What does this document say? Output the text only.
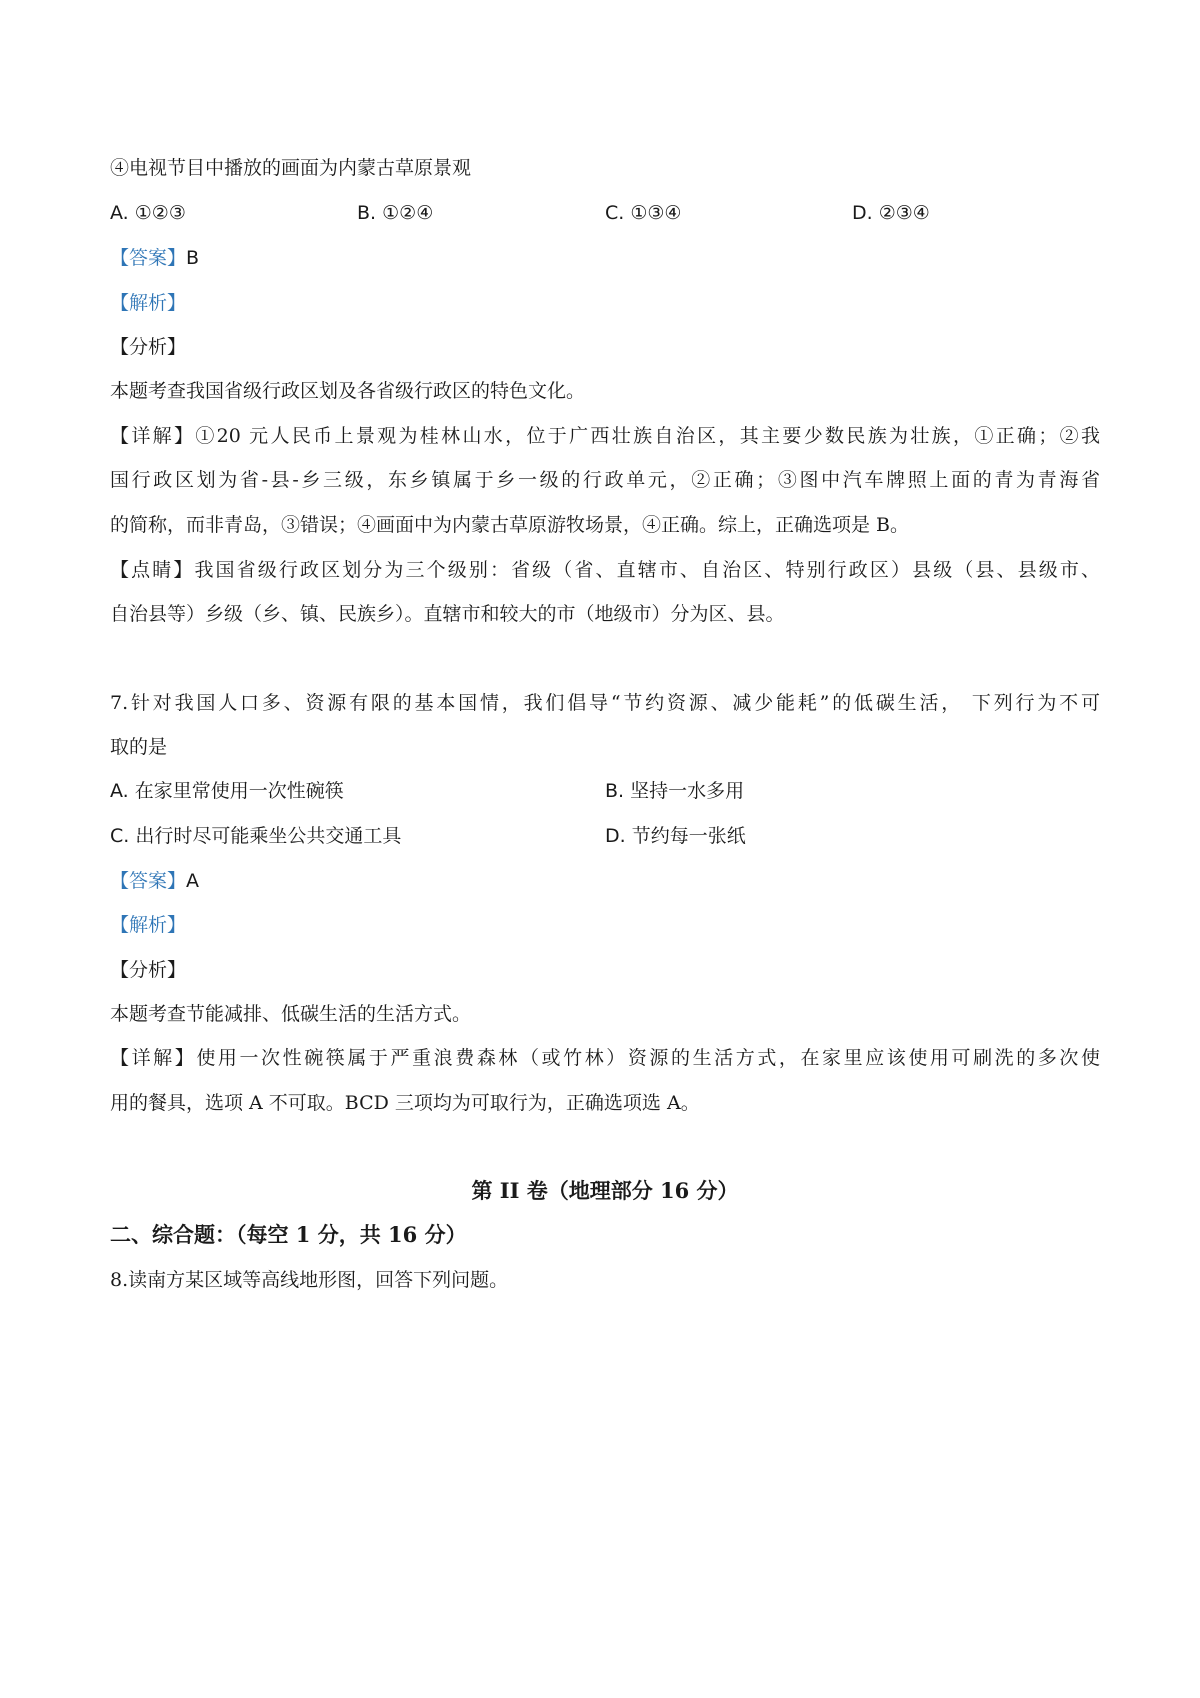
④电视节目中播放的画面为内蒙古草原景观
A. ①②③	B. ①②④	C. ①③④	D. ②③④
【答案】B
【解析】
【分析】
本题考查我国省级行政区划及各省级行政区的特色文化。
【详解】①20 元人民币上景观为桂林山水，位于广西壮族自治区，其主要少数民族为壮族，①正确；②我
国行政区划为省-县-乡三级，东乡镇属于乡一级的行政单元，②正确；③图中汽车牌照上面的青为青海省
的简称，而非青岛，③错误；④画面中为内蒙古草原游牧场景，④正确。综上，正确选项是 B。
【点睛】我国省级行政区划分为三个级别：省级（省、直辖市、自治区、特别行政区）县级（县、县级市、
自治县等）乡级（乡、镇、民族乡）。直辖市和较大的市（地级市）分为区、县。
7.针对我国人口多、资源有限的基本国情，我们倡导“节约资源、减少能耗”的低碳生活， 下列行为不可
取的是
A. 在家里常使用一次性碗筷	B. 坚持一水多用
C. 出行时尽可能乘坐公共交通工具	D. 节约每一张纸
【答案】A
【解析】
【分析】
本题考查节能减排、低碳生活的生活方式。
【详解】使用一次性碗筷属于严重浪费森林（或竹林）资源的生活方式，在家里应该使用可刷洗的多次使
用的餐具，选项 A 不可取。BCD 三项均为可取行为，正确选项选 A。
第 II 卷（地理部分 16 分）
二、综合题：（每空 1 分，共 16 分）
8.读南方某区域等高线地形图，回答下列问题。
